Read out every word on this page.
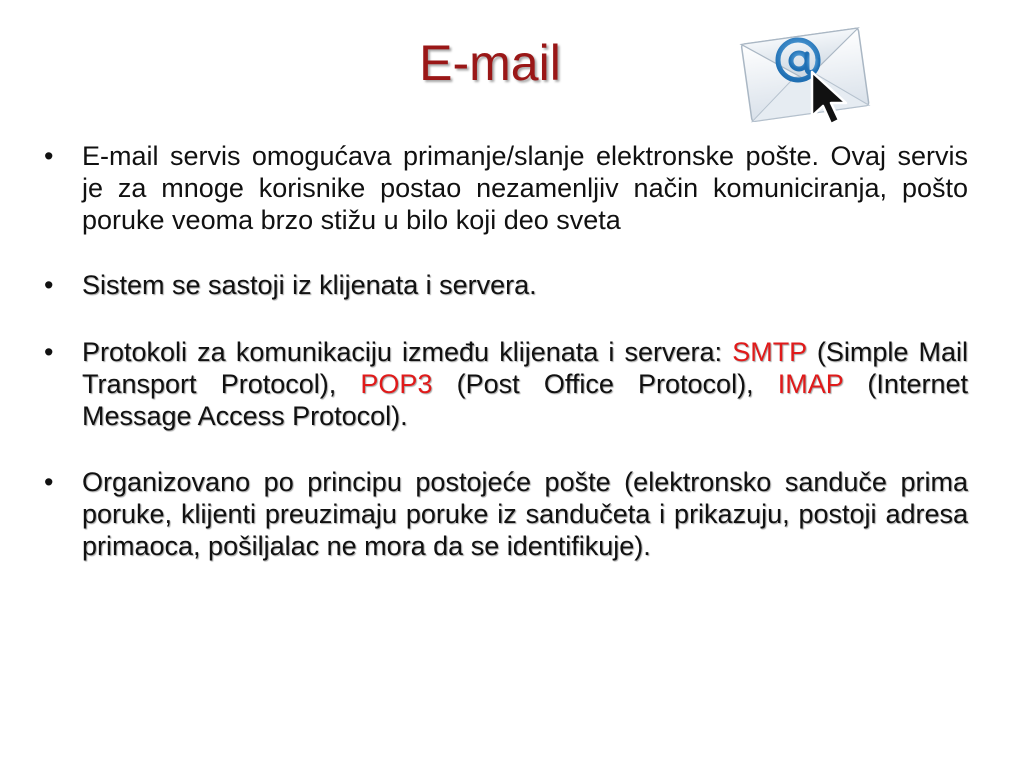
E-mail
• E-mail servis omogućava primanje/slanje elektronske pošte. Ovaj servis je za mnoge korisnike postao nezamenljiv način komuniciranja, pošto poruke veoma brzo stižu u bilo koji deo sveta
• Sistem se sastoji iz klijenata i servera.
• Protokoli za komunikaciju između klijenata i servera: SMTP (Simple Mail Transport Protocol), POP3 (Post Office Protocol), IMAP (Internet Message Access Protocol).
• Organizovano po principu postojeće pošte (elektronsko sandučе prima poruke, klijenti preuzimaju poruke iz sandučeta i prikazuju, postoji adresa primaoca, pošiljalac ne mora da se identifikuje).
